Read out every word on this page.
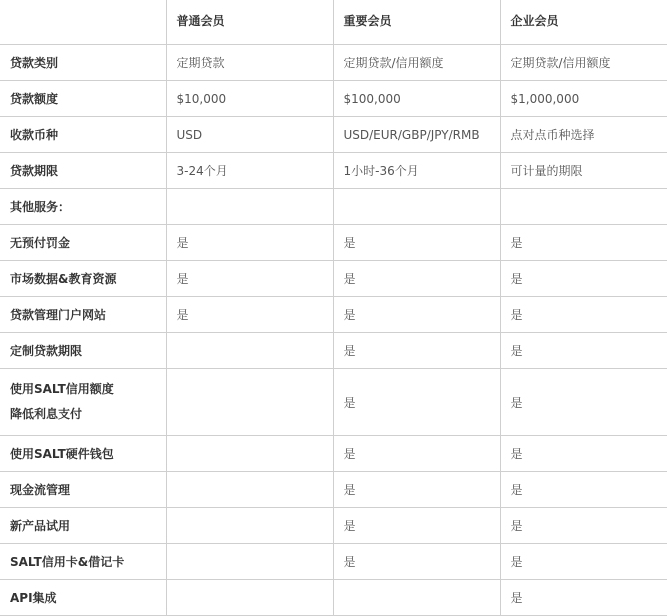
	普通会员	重要会员	企业会员
贷款类别	定期贷款	定期贷款/信用额度	定期贷款/信用额度
贷款额度	$10,000	$100,000	$1,000,000
收款币种	USD	USD/EUR/GBP/JPY/RMB	点对点币种选择
贷款期限	3-24个月	1小时-36个月	可计量的期限
其他服务：			
无预付罚金	是	是	是
市场数据&教育资源	是	是	是
贷款管理门户网站	是	是	是
定制贷款期限		是	是

使用SALT信用额度
降低利息支付		是	是
使用SALT硬件钱包		是	是
现金流管理		是	是
新产品试用		是	是
SALT信用卡&借记卡		是	是
API集成			是
